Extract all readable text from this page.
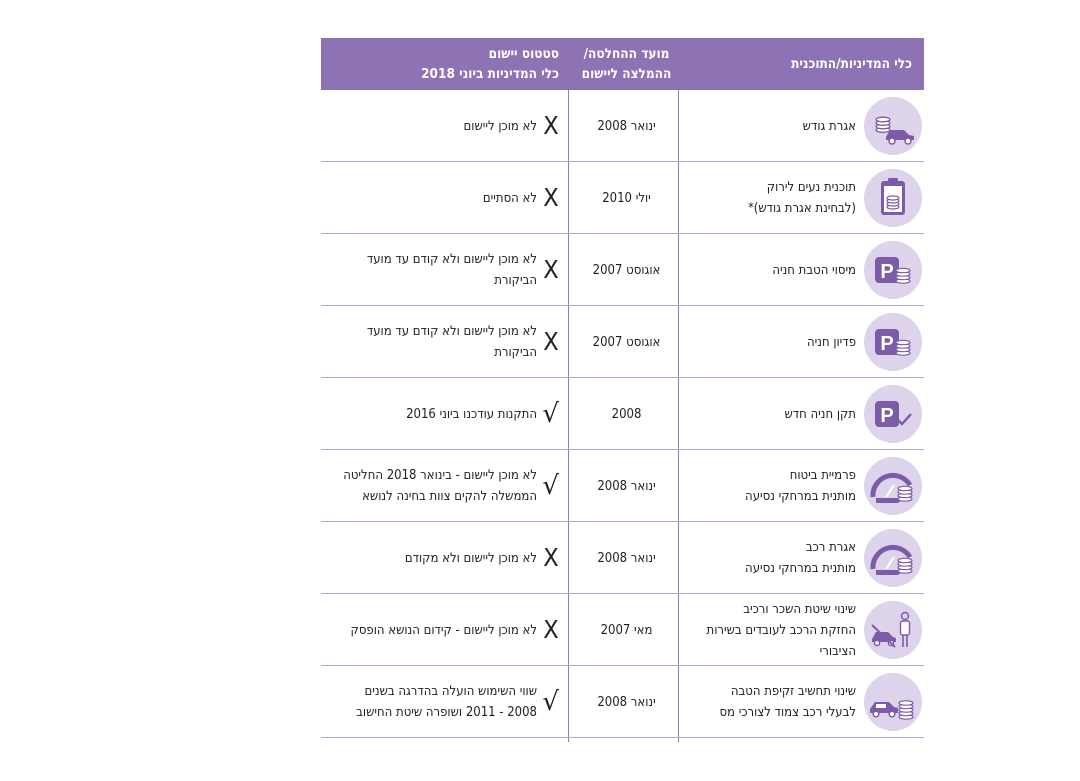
כלי המדיניות/התוכנית
מועד ההחלטה/
ההמלצה ליישום
סטטוס יישום
כלי המדיניות ביוני 2018
אגרת גודש
ינואר 2008
X
לא מוכן ליישום
תוכנית נעים לירוק
(לבחינת אגרת גודש)*
יולי 2010
X
לא הסתיים
P
מיסוי הטבת חניה
אוגוסט 2007
X
לא מוכן ליישום ולא קודם עד מועד הביקורת
P
פדיון חניה
אוגוסט 2007
X
לא מוכן ליישום ולא קודם עד מועד הביקורת
P
תקן חניה חדש
2008
√
התקנות עודכנו ביוני 2016
פרמיית ביטוח
מותנית במרחקי נסיעה
ינואר 2008
√
לא מוכן ליישום - בינואר 2018 החליטה
הממשלה להקים צוות בחינה לנושא
אגרת רכב
מותנית במרחקי נסיעה
ינואר 2008
X
לא מוכן ליישום ולא מקודם
שינוי שיטת השכר ורכיב
החזקת הרכב לעובדים בשירות
הציבורי
מאי 2007
X
לא מוכן ליישום - קידום הנושא הופסק
שינוי תחשיב זקיפת הטבה
לבעלי רכב צמוד לצורכי מס
ינואר 2008
√
שווי השימוש הועלה בהדרגה בשנים
2008 - 2011 ושופרה שיטת החישוב
